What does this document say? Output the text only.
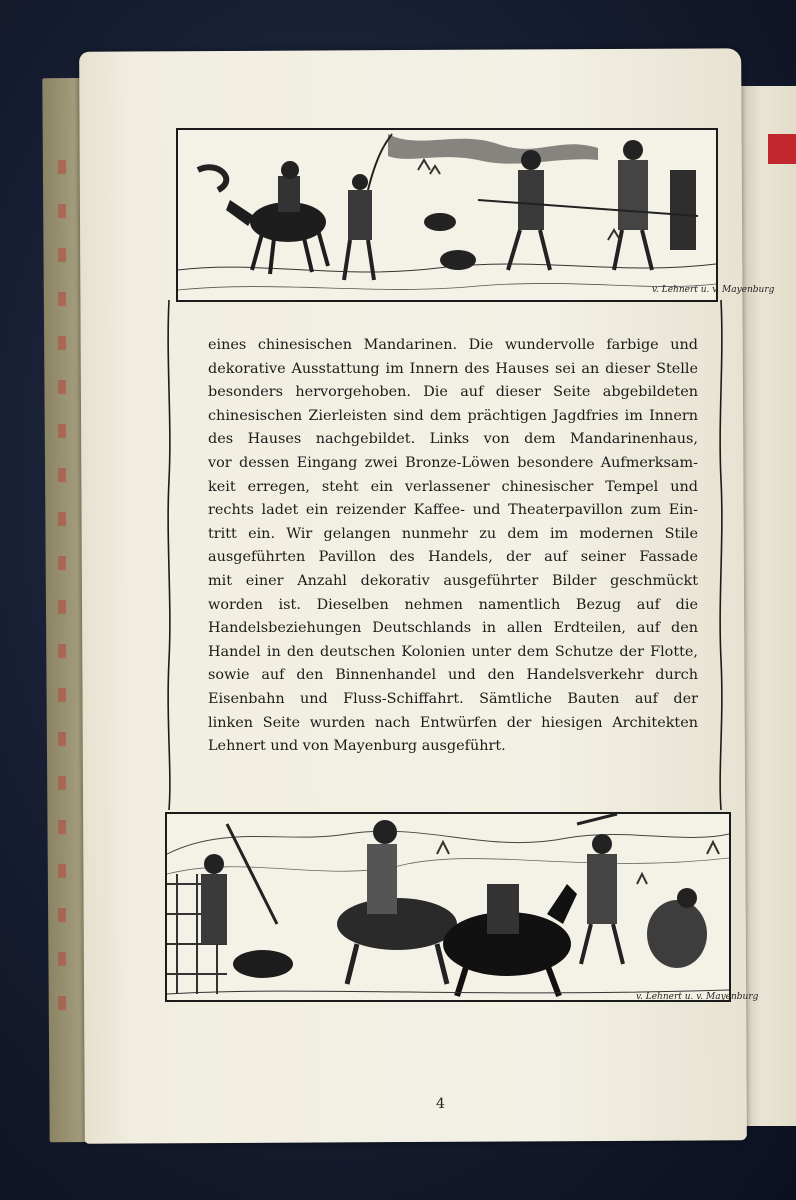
v. Lehnert u. v. Mayenburg
eines chinesischen Mandarinen. Die wundervolle farbige und
dekorative Ausstattung im Innern des Hauses sei an dieser Stelle
besonders hervorgehoben. Die auf dieser Seite abgebildeten
chinesischen Zierleisten sind dem prächtigen Jagdfries im Innern
des Hauses nachgebildet. Links von dem Mandarinenhaus,
vor dessen Eingang zwei Bronze-Löwen besondere Aufmerksam-
keit erregen, steht ein verlassener chinesischer Tempel und
rechts ladet ein reizender Kaffee- und Theaterpavillon zum Ein-
tritt ein. Wir gelangen nunmehr zu dem im modernen Stile
ausgeführten Pavillon des Handels, der auf seiner Fassade
mit einer Anzahl dekorativ ausgeführter Bilder geschmückt
worden ist. Dieselben nehmen namentlich Bezug auf die
Handelsbeziehungen Deutschlands in allen Erdteilen, auf den
Handel in den deutschen Kolonien unter dem Schutze der Flotte,
sowie auf den Binnenhandel und den Handelsverkehr durch
Eisenbahn und Fluss-Schiffahrt. Sämtliche Bauten auf der
linken Seite wurden nach Entwürfen der hiesigen Architekten
Lehnert und von Mayenburg ausgeführt.
v. Lehnert u. v. Mayenburg
4
